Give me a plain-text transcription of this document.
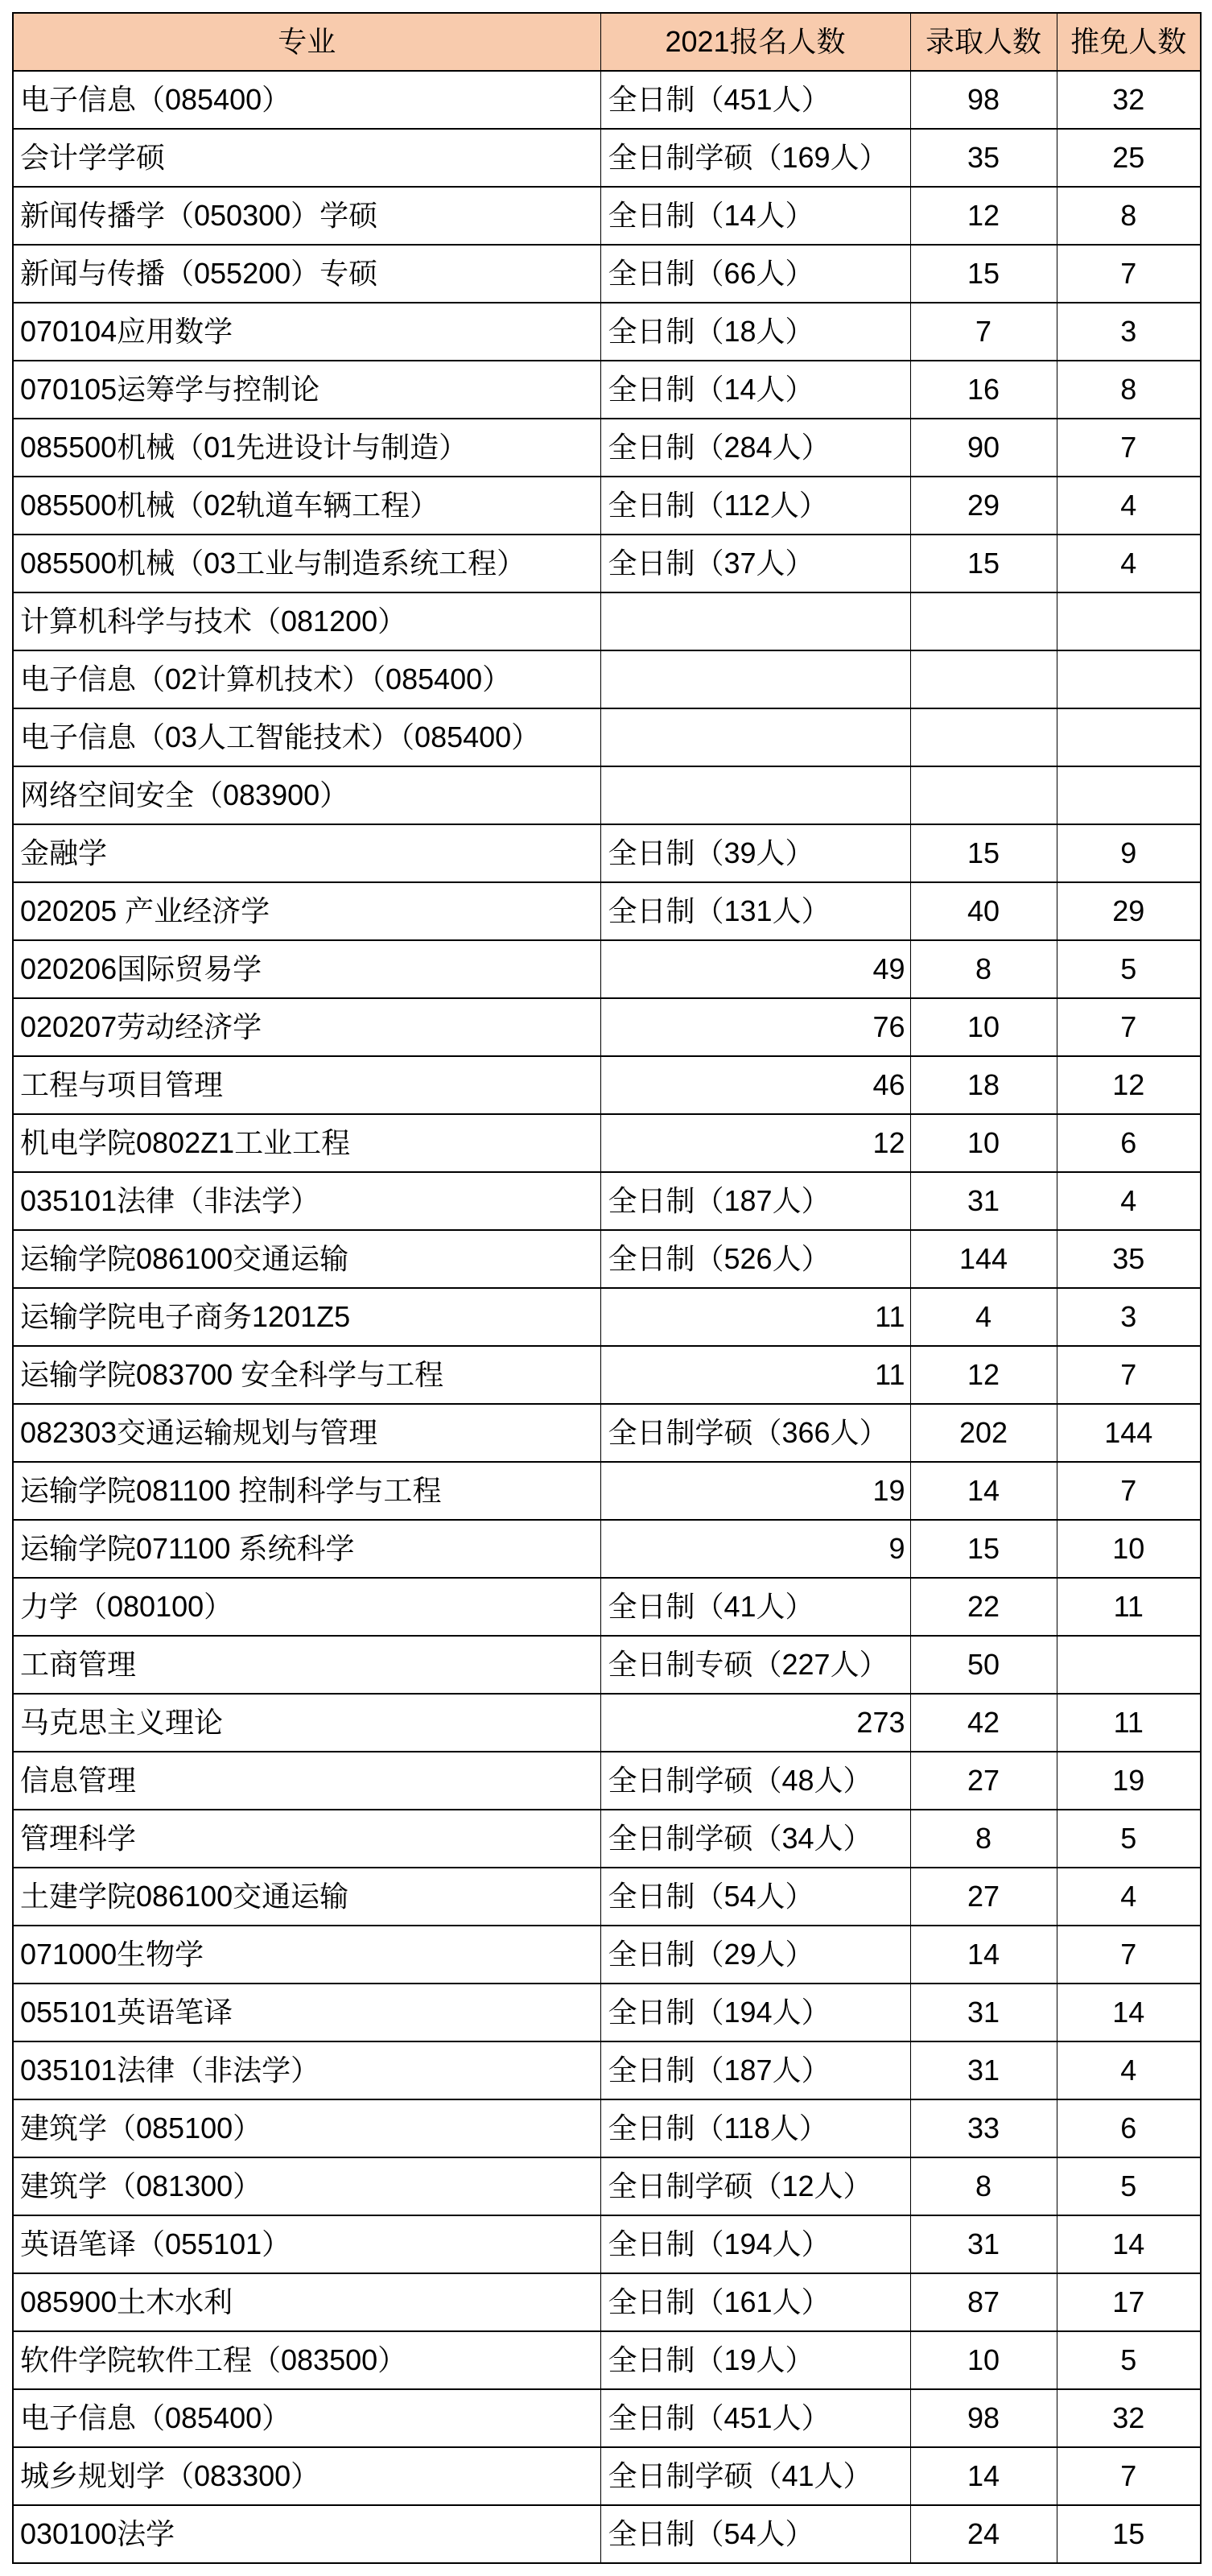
专业	2021报名人数	录取人数	推免人数
电子信息（085400）	全日制（451人）	98	32
会计学学硕	全日制学硕（169人）	35	25
新闻传播学（050300）学硕	全日制（14人）	12	8
新闻与传播（055200）专硕	全日制（66人）	15	7
070104应用数学	全日制（18人）	7	3
070105运筹学与控制论	全日制（14人）	16	8
085500机械（01先进设计与制造）	全日制（284人）	90	7
085500机械（02轨道车辆工程）	全日制（112人）	29	4
085500机械（03工业与制造系统工程）	全日制（37人）	15	4
计算机科学与技术（081200）			
电子信息（02计算机技术）（085400）			
电子信息（03人工智能技术）（085400）			
网络空间安全（083900）			
金融学	全日制（39人）	15	9
020205 产业经济学	全日制（131人）	40	29
020206国际贸易学	49	8	5
020207劳动经济学	76	10	7
工程与项目管理	46	18	12
机电学院0802Z1工业工程	12	10	6
035101法律（非法学）	全日制（187人）	31	4
运输学院086100交通运输	全日制（526人）	144	35
运输学院电子商务1201Z5	11	4	3
运输学院083700 安全科学与工程	11	12	7
082303交通运输规划与管理	全日制学硕（366人）	202	144
运输学院081100 控制科学与工程	19	14	7
运输学院071100 系统科学	9	15	10
力学（080100）	全日制（41人）	22	11
工商管理	全日制专硕（227人）	50	
马克思主义理论	273	42	11
信息管理	全日制学硕（48人）	27	19
管理科学	全日制学硕（34人）	8	5
土建学院086100交通运输	全日制（54人）	27	4
071000生物学	全日制（29人）	14	7
055101英语笔译	全日制（194人）	31	14
035101法律（非法学）	全日制（187人）	31	4
建筑学（085100）	全日制（118人）	33	6
建筑学（081300）	全日制学硕（12人）	8	5
英语笔译（055101）	全日制（194人）	31	14
085900土木水利	全日制（161人）	87	17
软件学院软件工程（083500）	全日制（19人）	10	5
电子信息（085400）	全日制（451人）	98	32
城乡规划学（083300）	全日制学硕（41人）	14	7
030100法学	全日制（54人）	24	15
